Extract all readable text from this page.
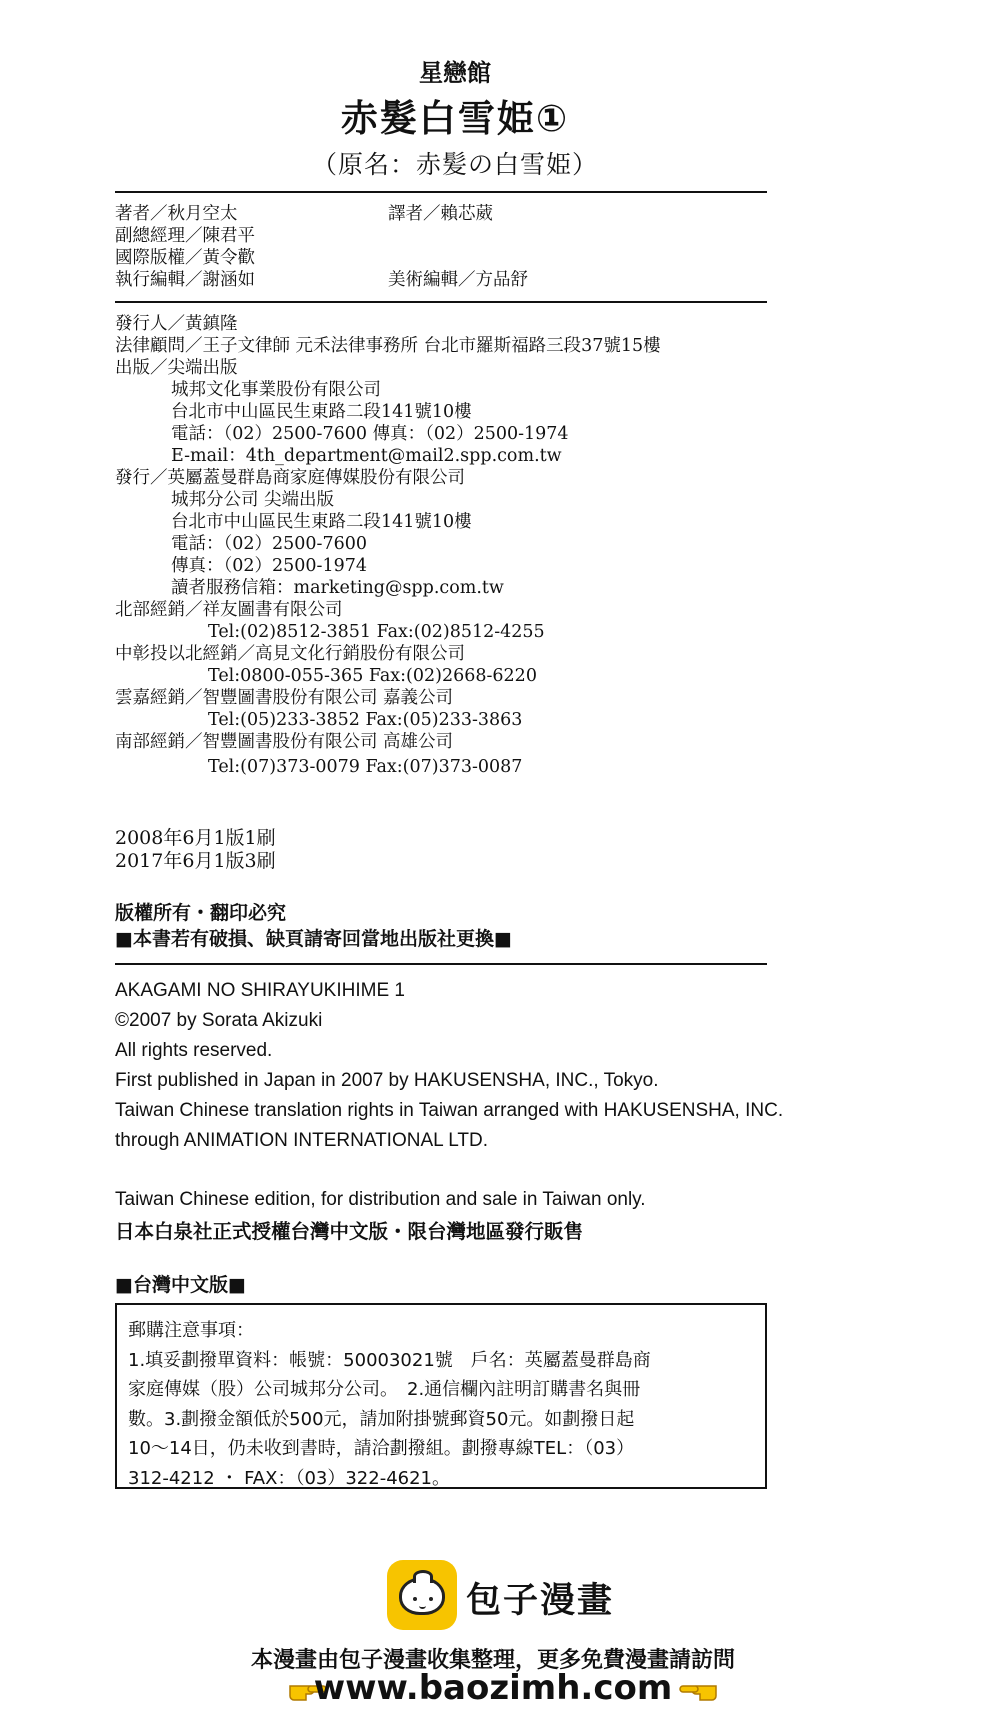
星戀館
赤髮白雪姫①
（原名：赤髪の白雪姫）
著者／秋月空太	譯者／賴芯葳
副總經理／陳君平
國際版權／黃令歡
執行編輯／謝涵如	美術編輯／方品舒
發行人／黃鎮隆
法律顧問／王子文律師 元禾法律事務所 台北市羅斯福路三段37號15樓
出版／尖端出版
城邦文化事業股份有限公司
台北市中山區民生東路二段141號10樓
電話：（02）2500-7600 傳真：（02）2500-1974
E-mail：4th_department@mail2.spp.com.tw
發行／英屬蓋曼群島商家庭傳媒股份有限公司
城邦分公司 尖端出版
台北市中山區民生東路二段141號10樓
電話：（02）2500-7600
傳真：（02）2500-1974
讀者服務信箱：marketing@spp.com.tw
北部經銷／祥友圖書有限公司
Tel:(02)8512-3851 Fax:(02)8512-4255
中彰投以北經銷／高見文化行銷股份有限公司
Tel:0800-055-365 Fax:(02)2668-6220
雲嘉經銷／智豐圖書股份有限公司 嘉義公司
Tel:(05)233-3852 Fax:(05)233-3863
南部經銷／智豐圖書股份有限公司 高雄公司
Tel:(07)373-0079 Fax:(07)373-0087
2008年6月1版1刷
2017年6月1版3刷
版權所有・翻印必究
■本書若有破損、缺頁請寄回當地出版社更換■
AKAGAMI NO SHIRAYUKIHIME 1
©2007 by Sorata Akizuki
All rights reserved.
First published in Japan in 2007 by HAKUSENSHA, INC., Tokyo.
Taiwan Chinese translation rights in Taiwan arranged with HAKUSENSHA, INC.
through ANIMATION INTERNATIONAL LTD.
Taiwan Chinese edition, for distribution and sale in Taiwan only.
日本白泉社正式授權台灣中文版・限台灣地區發行販售
■台灣中文版■
郵購注意事項：
1.填妥劃撥單資料：帳號：50003021號　戶名：英屬蓋曼群島商
家庭傳媒（股）公司城邦分公司。　2.通信欄內註明訂購書名與冊
數。3.劃撥金額低於500元，請加附掛號郵資50元。如劃撥日起
10～14日，仍未收到書時，請洽劃撥組。劃撥專線TEL：（03）
312-4212 ・ FAX：（03）322-4621。
包子漫畫
本漫畫由包子漫畫收集整理，更多免費漫畫請訪問
www.baozimh.com
